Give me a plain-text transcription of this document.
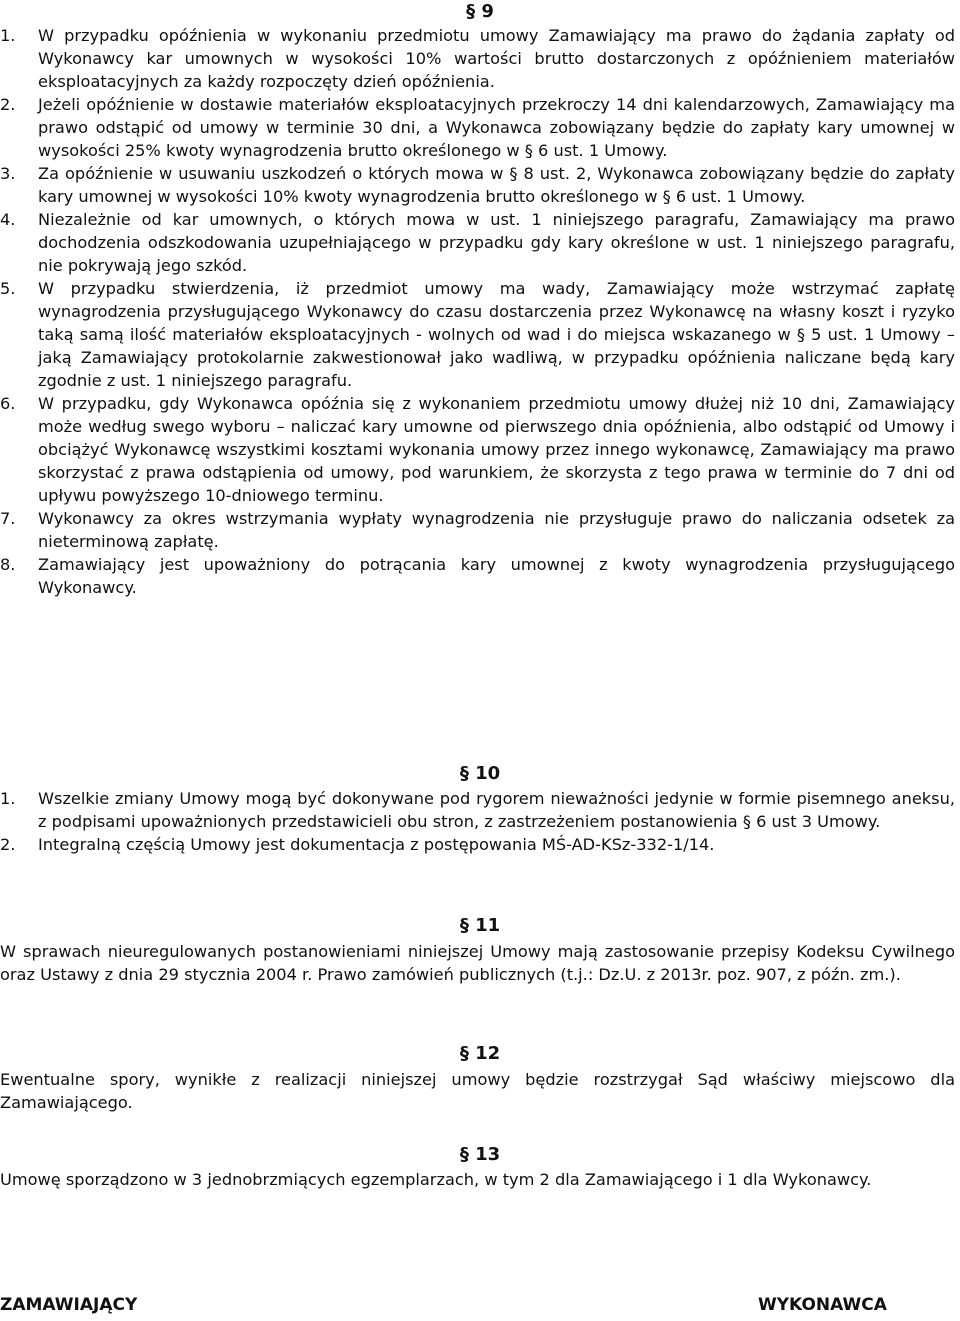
§ 9
1. W przypadku opóźnienia w wykonaniu przedmiotu umowy Zamawiający ma prawo do żądania zapłaty od Wykonawcy kar umownych w wysokości 10% wartości brutto dostarczonych z opóźnieniem materiałów eksploatacyjnych za każdy rozpoczęty dzień opóźnienia.
2. Jeżeli opóźnienie w dostawie materiałów eksploatacyjnych przekroczy 14 dni kalendarzowych, Zamawiający ma prawo odstąpić od umowy w terminie 30 dni, a Wykonawca zobowiązany będzie do zapłaty kary umownej w wysokości 25% kwoty wynagrodzenia brutto określonego w § 6 ust. 1 Umowy.
3. Za opóźnienie w usuwaniu uszkodzeń o których mowa w § 8 ust. 2, Wykonawca zobowiązany będzie do zapłaty kary umownej w wysokości 10% kwoty wynagrodzenia brutto określonego w § 6 ust. 1 Umowy.
4. Niezależnie od kar umownych, o których mowa w ust. 1 niniejszego paragrafu, Zamawiający ma prawo dochodzenia odszkodowania uzupełniającego w przypadku gdy kary określone w ust. 1 niniejszego paragrafu, nie pokrywają jego szkód.
5. W przypadku stwierdzenia, iż przedmiot umowy ma wady, Zamawiający może wstrzymać zapłatę wynagrodzenia przysługującego Wykonawcy do czasu dostarczenia przez Wykonawcę na własny koszt i ryzyko taką samą ilość materiałów eksploatacyjnych - wolnych od wad i do miejsca wskazanego w § 5 ust. 1 Umowy – jaką Zamawiający protokolarnie zakwestionował jako wadliwą, w przypadku opóźnienia naliczane będą kary zgodnie z ust. 1 niniejszego paragrafu.
6. W przypadku, gdy Wykonawca opóźnia się z wykonaniem przedmiotu umowy dłużej niż 10 dni, Zamawiający może według swego wyboru – naliczać kary umowne od pierwszego dnia opóźnienia, albo odstąpić od Umowy i obciążyć Wykonawcę wszystkimi kosztami wykonania umowy przez innego wykonawcę, Zamawiający ma prawo skorzystać z prawa odstąpienia od umowy, pod warunkiem, że skorzysta z tego prawa w terminie do 7 dni od upływu powyższego 10-dniowego terminu.
7. Wykonawcy za okres wstrzymania wypłaty wynagrodzenia nie przysługuje prawo do naliczania odsetek za nieterminową zapłatę.
8. Zamawiający jest upoważniony do potrącania kary umownej z kwoty wynagrodzenia przysługującego Wykonawcy.
§ 10
1. Wszelkie zmiany Umowy mogą być dokonywane pod rygorem nieważności jedynie w formie pisemnego aneksu, z podpisami upoważnionych przedstawicieli obu stron, z zastrzeżeniem postanowienia § 6 ust 3 Umowy.
2. Integralną częścią Umowy jest dokumentacja z postępowania MŚ-AD-KSz-332-1/14.
§ 11

W sprawach nieuregulowanych postanowieniami niniejszej Umowy mają zastosowanie przepisy Kodeksu Cywilnego oraz Ustawy z dnia 29 stycznia 2004 r. Prawo zamówień publicznych (t.j.: Dz.U. z 2013r. poz. 907, z późn. zm.).

§ 12

Ewentualne spory, wynikłe z realizacji niniejszej umowy będzie rozstrzygał Sąd właściwy miejscowo dla Zamawiającego.

§ 13

Umowę sporządzono w 3 jednobrzmiących egzemplarzach, w tym 2 dla Zamawiającego i 1 dla Wykonawcy.

ZAMAWIAJĄCY	WYKONAWCA
